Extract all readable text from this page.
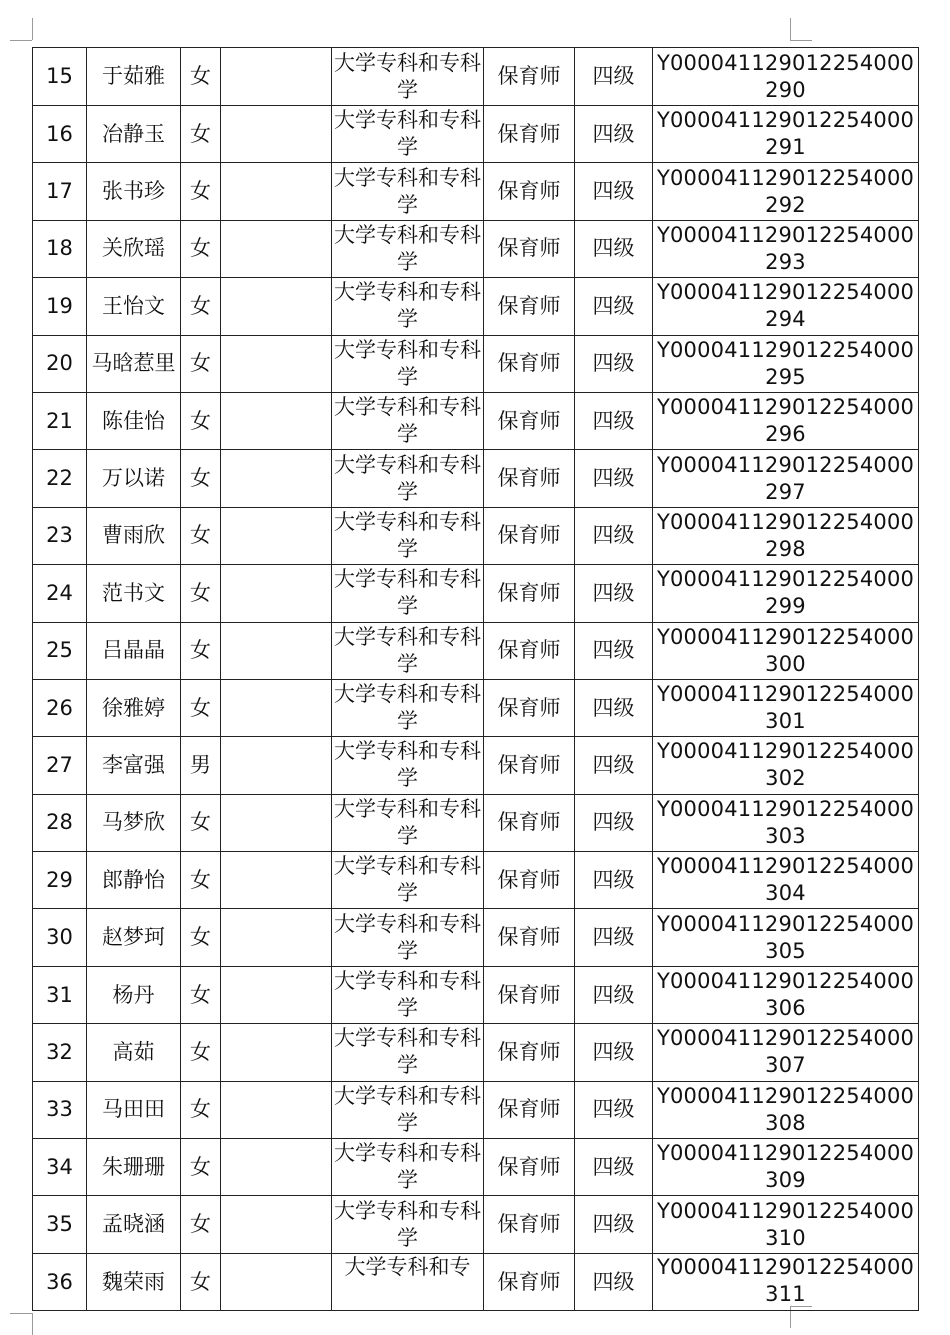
15	于茹雅	女		大学专科和专科学	保育师	四级	Y000041129012254000290

16	冶静玉	女		大学专科和专科学	保育师	四级	Y000041129012254000291

17	张书珍	女		大学专科和专科学	保育师	四级	Y000041129012254000292

18	关欣瑶	女		大学专科和专科学	保育师	四级	Y000041129012254000293

19	王怡文	女		大学专科和专科学	保育师	四级	Y000041129012254000294

20	马晗惹里	女		大学专科和专科学	保育师	四级	Y000041129012254000295

21	陈佳怡	女		大学专科和专科学	保育师	四级	Y000041129012254000296

22	万以诺	女		大学专科和专科学	保育师	四级	Y000041129012254000297

23	曹雨欣	女		大学专科和专科学	保育师	四级	Y000041129012254000298

24	范书文	女		大学专科和专科学	保育师	四级	Y000041129012254000299

25	吕晶晶	女		大学专科和专科学	保育师	四级	Y000041129012254000300

26	徐雅婷	女		大学专科和专科学	保育师	四级	Y000041129012254000301

27	李富强	男		大学专科和专科学	保育师	四级	Y000041129012254000302

28	马梦欣	女		大学专科和专科学	保育师	四级	Y000041129012254000303

29	郎静怡	女		大学专科和专科学	保育师	四级	Y000041129012254000304

30	赵梦珂	女		大学专科和专科学	保育师	四级	Y000041129012254000305

31	杨丹	女		大学专科和专科学	保育师	四级	Y000041129012254000306

32	高茹	女		大学专科和专科学	保育师	四级	Y000041129012254000307

33	马田田	女		大学专科和专科学	保育师	四级	Y000041129012254000308

34	朱珊珊	女		大学专科和专科学	保育师	四级	Y000041129012254000309

35	孟晓涵	女		大学专科和专科学	保育师	四级	Y000041129012254000310

36	魏荣雨	女		大学专科和专	保育师	四级	Y000041129012254000311
